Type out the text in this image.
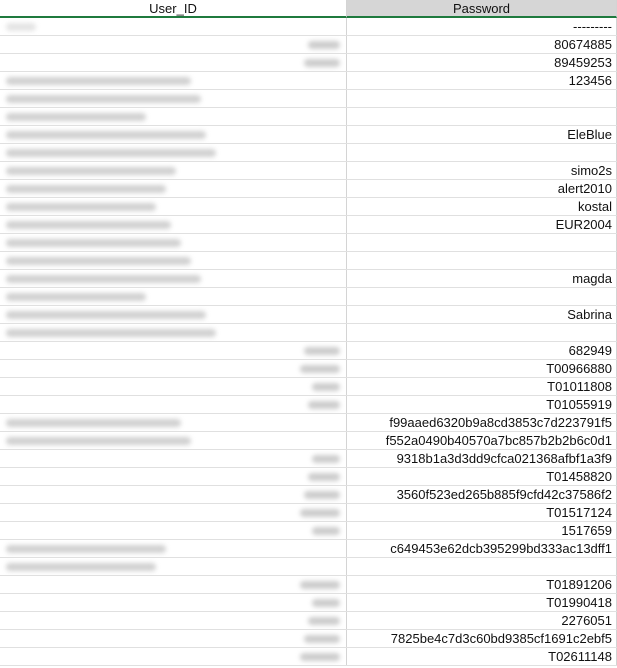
User_ID	Password
---------
80674885
89459253
123456
EleBlue
simo2s
alert2010
kostal
EUR2004
magda
Sabrina
682949
T00966880
T01011808
T01055919
f99aaed6320b9a8cd3853c7d223791f5
f552a0490b40570a7bc857b2b2b6c0d1
9318b1a3d3dd9cfca021368afbf1a3f9
T01458820
3560f523ed265b885f9cfd42c37586f2
T01517124
1517659
c649453e62dcb395299bd333ac13dff1
T01891206
T01990418
2276051
7825be4c7d3c60bd9385cf1691c2ebf5
T02611148
